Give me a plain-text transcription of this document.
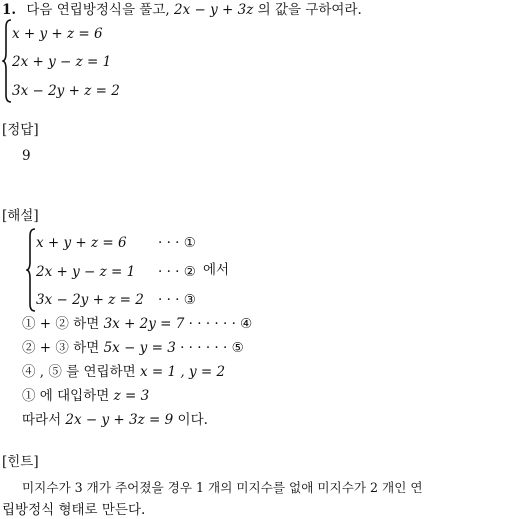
1. 다음 연립방정식을 풀고, 2x − y + 3z 의 값을 구하여라.
x + y + z = 6
2x + y − z = 1
3x − 2y + z = 2
[정답]
9
[해설]
x + y + z = 6 · · · ①
2x + y − z = 1 · · · ② 에서
3x − 2y + z = 2 · · · ③
① + ② 하면 3x + 2y = 7 · · · · · · ④
② + ③ 하면 5x − y = 3 · · · · · · ⑤
④ , ⑤ 를 연립하면 x = 1 , y = 2
① 에 대입하면 z = 3
따라서 2x − y + 3z = 9 이다.
[힌트]
미지수가 3 개가 주어졌을 경우 1 개의 미지수를 없애 미지수가 2 개인 연
립방정식 형태로 만든다.
